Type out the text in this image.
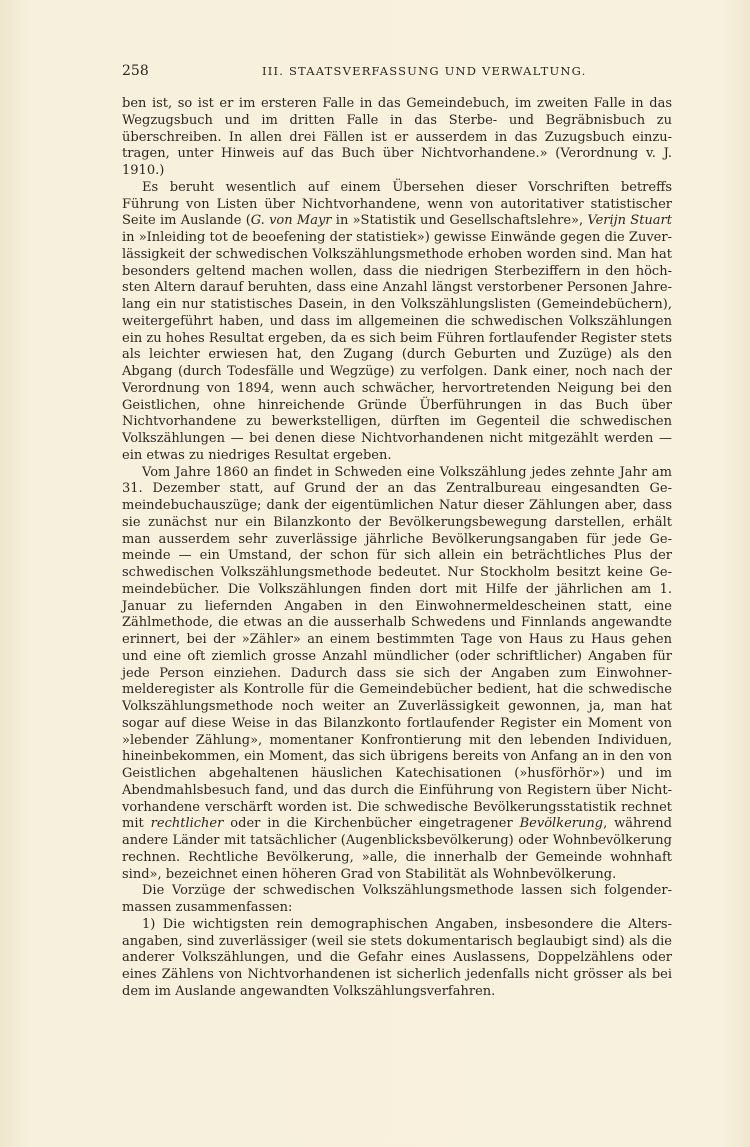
258	III. STAATSVERFASSUNG UND VERWALTUNG.

ben ist, so ist er im ersteren Falle in das Gemeindebuch, im zweiten Falle in das Wegzugsbuch und im dritten Falle in das Sterbe- und Begräbnisbuch zu überschreiben. In allen drei Fällen ist er ausserdem in das Zuzugsbuch einzutragen, unter Hinweis auf das Buch über Nichtvorhandene.» (Verordnung v. J. 1910.)

Es beruht wesentlich auf einem Übersehen dieser Vorschriften betreffs Führung von Listen über Nichtvorhandene, wenn von autoritativer statistischer Seite im Auslande (G. von Mayr in »Statistik und Gesellschaftslehre», Verijn Stuart in »Inleiding tot de beoefening der statistiek») gewisse Einwände gegen die Zuverlässigkeit der schwedischen Volkszählungsmethode erhoben worden sind. Man hat besonders geltend machen wollen, dass die niedrigen Sterbeziffern in den höchsten Altern darauf beruhten, dass eine Anzahl längst verstorbener Personen Jahrelang ein nur statistisches Dasein, in den Volkszählungslisten (Gemeindebüchern), weitergeführt haben, und dass im allgemeinen die schwedischen Volkszählungen ein zu hohes Resultat ergeben, da es sich beim Führen fortlaufender Register stets als leichter erwiesen hat, den Zugang (durch Geburten und Zuzüge) als den Abgang (durch Todesfälle und Wegzüge) zu verfolgen. Dank einer, noch nach der Verordnung von 1894, wenn auch schwächer, hervortretenden Neigung bei den Geistlichen, ohne hinreichende Gründe Überführungen in das Buch über Nichtvorhandene zu bewerkstelligen, dürften im Gegenteil die schwedischen Volkszählungen — bei denen diese Nichtvorhandenen nicht mitgezählt werden — ein etwas zu niedriges Resultat ergeben.

Vom Jahre 1860 an findet in Schweden eine Volkszählung jedes zehnte Jahr am 31. Dezember statt, auf Grund der an das Zentralbureau eingesandten Gemeindebuchauszüge; dank der eigentümlichen Natur dieser Zählungen aber, dass sie zunächst nur ein Bilanzkonto der Bevölkerungsbewegung darstellen, erhält man ausserdem sehr zuverlässige jährliche Bevölkerungsangaben für jede Gemeinde — ein Umstand, der schon für sich allein ein beträchtliches Plus der schwedischen Volkszählungsmethode bedeutet. Nur Stockholm besitzt keine Gemeindebücher. Die Volkszählungen finden dort mit Hilfe der jährlichen am 1. Januar zu liefernden Angaben in den Einwohnermeldescheinen statt, eine Zählmethode, die etwas an die ausserhalb Schwedens und Finnlands angewandte erinnert, bei der »Zähler» an einem bestimmten Tage von Haus zu Haus gehen und eine oft ziemlich grosse Anzahl mündlicher (oder schriftlicher) Angaben für jede Person einziehen. Dadurch dass sie sich der Angaben zum Einwohnermelderegister als Kontrolle für die Gemeindebücher bedient, hat die schwedische Volkszählungsmethode noch weiter an Zuverlässigkeit gewonnen, ja, man hat sogar auf diese Weise in das Bilanzkonto fortlaufender Register ein Moment von »lebender Zählung», momentaner Konfrontierung mit den lebenden Individuen, hineinbekommen, ein Moment, das sich übrigens bereits von Anfang an in den von Geistlichen abgehaltenen häuslichen Katechisationen (»husförhör») und im Abendmahlsbesuch fand, und das durch die Einführung von Registern über Nichtvorhandene verschärft worden ist. Die schwedische Bevölkerungsstatistik rechnet mit rechtlicher oder in die Kirchenbücher eingetragener Bevölkerung, während andere Länder mit tatsächlicher (Augenblicksbevölkerung) oder Wohnbevölkerung rechnen. Rechtliche Bevölkerung, »alle, die innerhalb der Gemeinde wohnhaft sind», bezeichnet einen höheren Grad von Stabilität als Wohnbevölkerung.

Die Vorzüge der schwedischen Volkszählungsmethode lassen sich folgendermassen zusammenfassen:

1) Die wichtigsten rein demographischen Angaben, insbesondere die Altersangaben, sind zuverlässiger (weil sie stets dokumentarisch beglaubigt sind) als die anderer Volkszählungen, und die Gefahr eines Auslassens, Doppelzählens oder eines Zählens von Nichtvorhandenen ist sicherlich jedenfalls nicht grösser als bei dem im Auslande angewandten Volkszählungsverfahren.
